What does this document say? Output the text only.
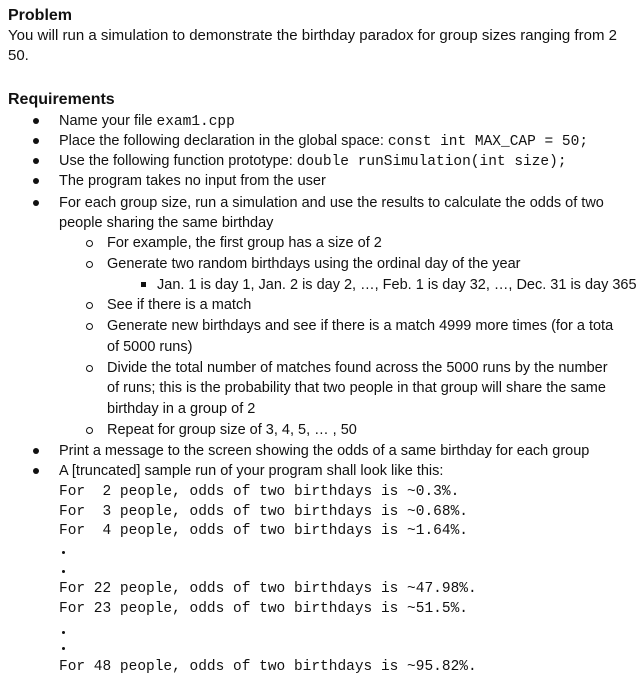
Problem
You will run a simulation to demonstrate the birthday paradox for group sizes ranging from 2
50.
Requirements
Name your file exam1.cpp
Place the following declaration in the global space: const int MAX_CAP = 50;
Use the following function prototype: double runSimulation(int size);
The program takes no input from the user
For each group size, run a simulation and use the results to calculate the odds of two
people sharing the same birthday
For example, the first group has a size of 2
Generate two random birthdays using the ordinal day of the year
Jan. 1 is day 1, Jan. 2 is day 2, …, Feb. 1 is day 32, …, Dec. 31 is day 365
See if there is a match
Generate new birthdays and see if there is a match 4999 more times (for a tota
of 5000 runs)
Divide the total number of matches found across the 5000 runs by the number
of runs; this is the probability that two people in that group will share the same
birthday in a group of 2
Repeat for group size of 3, 4, 5, … , 50
Print a message to the screen showing the odds of a same birthday for each group
A [truncated] sample run of your program shall look like this:
For  2 people, odds of two birthdays is ~0.3%.
For  3 people, odds of two birthdays is ~0.68%.
For  4 people, odds of two birthdays is ~1.64%.
For 22 people, odds of two birthdays is ~47.98%.
For 23 people, odds of two birthdays is ~51.5%.
For 48 people, odds of two birthdays is ~95.82%.
